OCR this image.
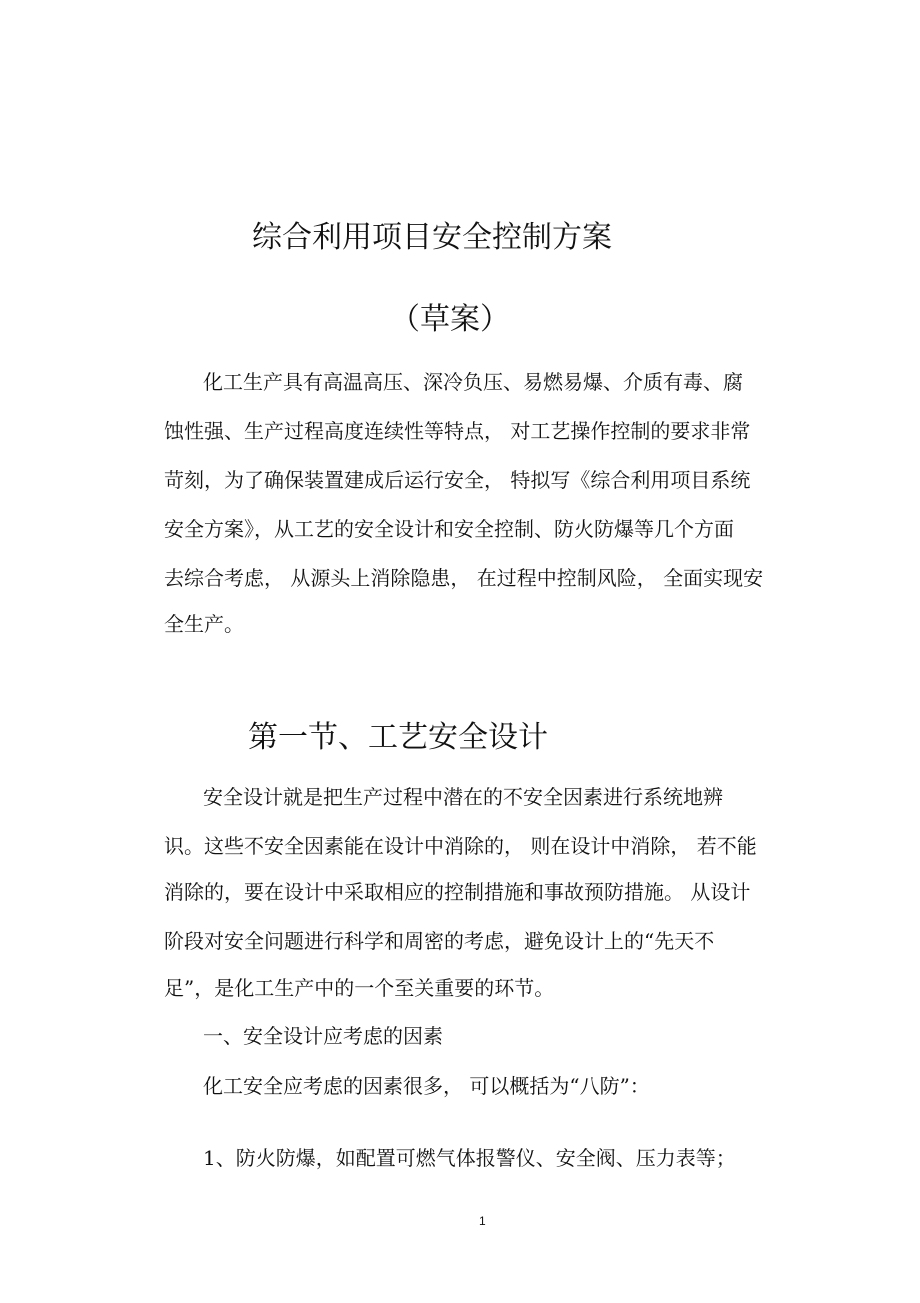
综合利用项目安全控制方案
（草案）
化工生产具有高温高压、深冷负压、易燃易爆、介质有毒、腐
蚀性强、生产过程高度连续性等特点， 对工艺操作控制的要求非常
苛刻，为了确保装置建成后运行安全， 特拟写《综合利用项目系统
安全方案》，从工艺的安全设计和安全控制、防火防爆等几个方面
去综合考虑， 从源头上消除隐患， 在过程中控制风险， 全面实现安
全生产。
第一节、工艺安全设计
安全设计就是把生产过程中潜在的不安全因素进行系统地辨
识。这些不安全因素能在设计中消除的， 则在设计中消除， 若不能
消除的，要在设计中采取相应的控制措施和事故预防措施。 从设计
阶段对安全问题进行科学和周密的考虑，避免设计上的“先天不
足”，是化工生产中的一个至关重要的环节。
一、安全设计应考虑的因素
化工安全应考虑的因素很多， 可以概括为“八防”：
1、防火防爆，如配置可燃气体报警仪、安全阀、压力表等；
1
